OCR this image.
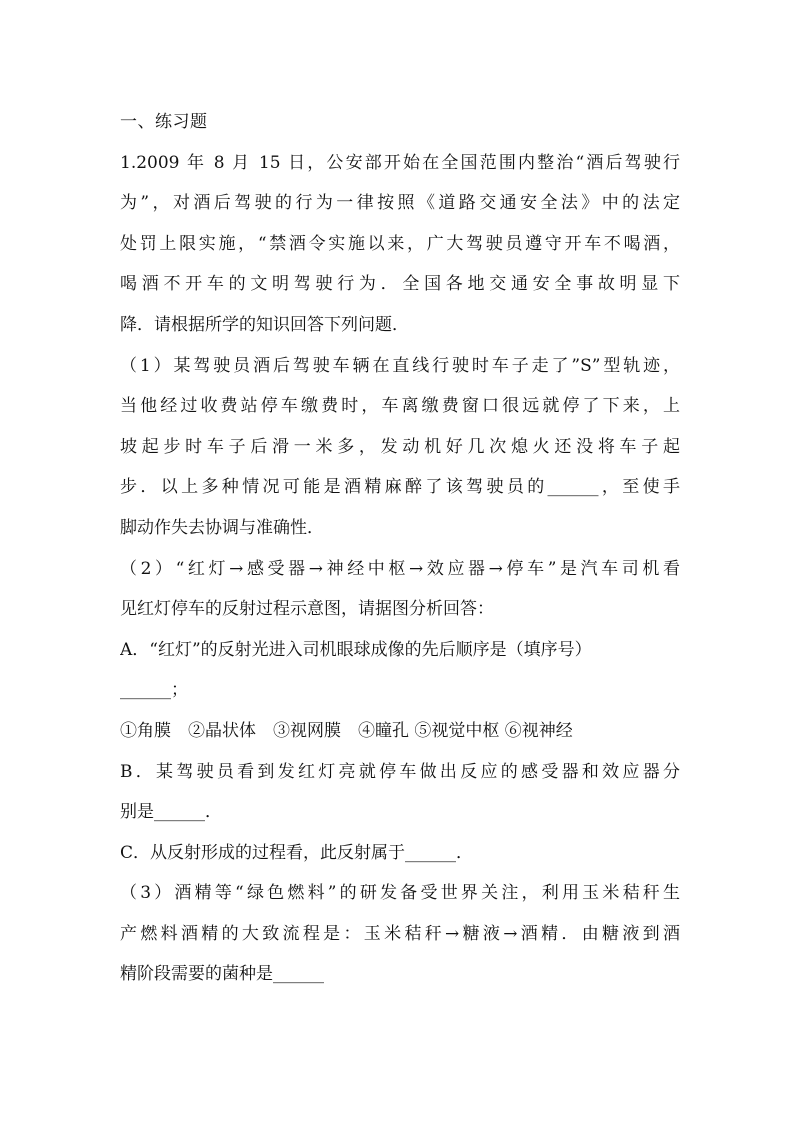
一、练习题
1.2009 年 8 月 15 日，公安部开始在全国范围内整治“酒后驾驶行
为”，对酒后驾驶的行为一律按照《道路交通安全法》中的法定
处罚上限实施，“禁酒令实施以来，广大驾驶员遵守开车不喝酒，
喝酒不开车的文明驾驶行为．全国各地交通安全事故明显下
降．请根据所学的知识回答下列问题．
（1）某驾驶员酒后驾驶车辆在直线行驶时车子走了”S”型轨迹，
当他经过收费站停车缴费时，车离缴费窗口很远就停了下来，上
坡起步时车子后滑一米多，发动机好几次熄火还没将车子起
步．以上多种情况可能是酒精麻醉了该驾驶员的______，至使手
脚动作失去协调与准确性．
（2）“红灯→感受器→神经中枢→效应器→停车”是汽车司机看
见红灯停车的反射过程示意图，请据图分析回答：
A．“红灯”的反射光进入司机眼球成像的先后顺序是（填序号）
______；
①角膜　②晶状体　③视网膜　④瞳孔 ⑤视觉中枢 ⑥视神经
B．某驾驶员看到发红灯亮就停车做出反应的感受器和效应器分
别是______．
C．从反射形成的过程看，此反射属于______．
（3）酒精等“绿色燃料”的研发备受世界关注，利用玉米秸秆生
产燃料酒精的大致流程是：玉米秸秆→糖液→酒精．由糖液到酒
精阶段需要的菌种是______
